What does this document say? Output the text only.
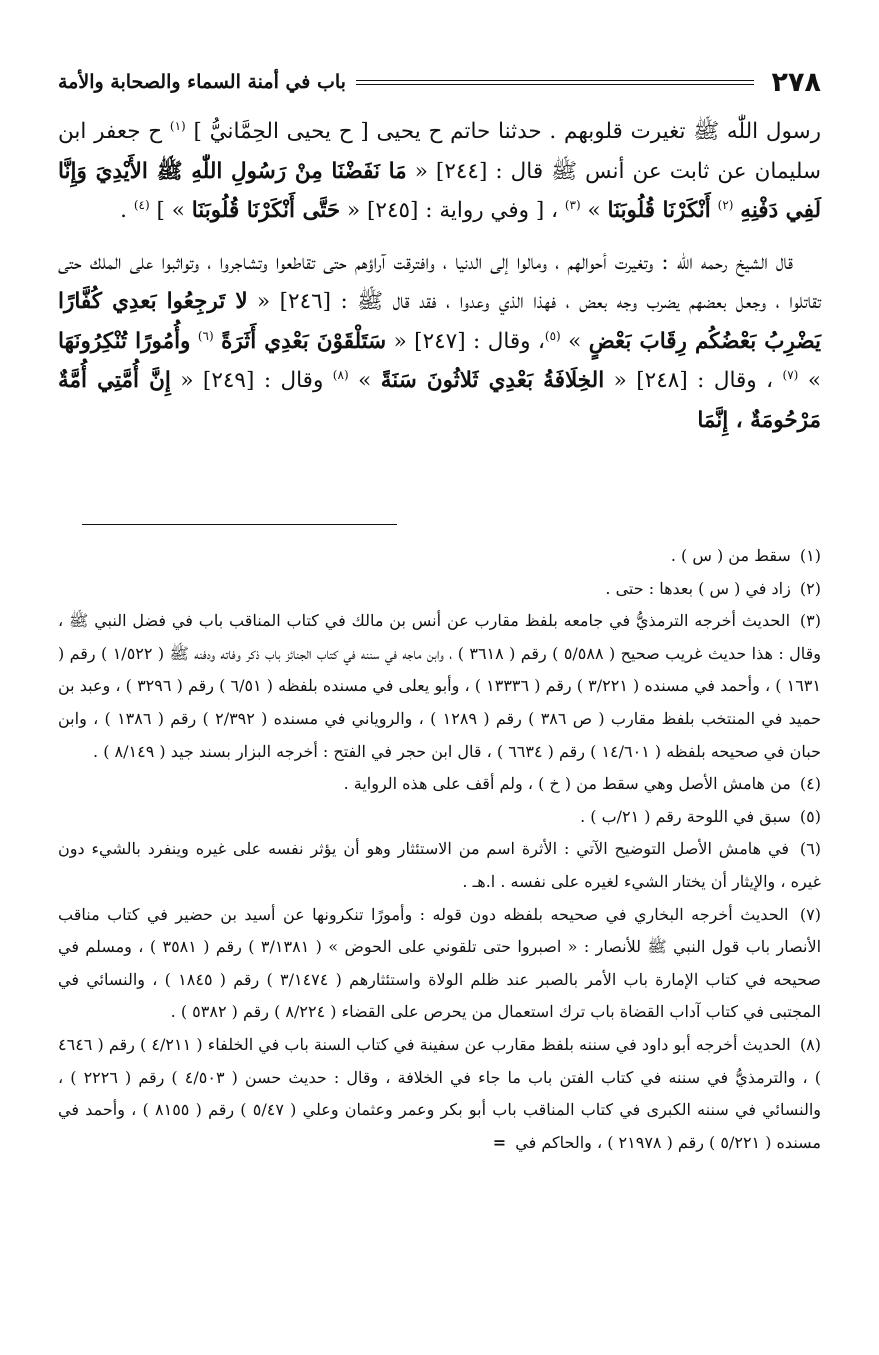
٢٧٨
باب في أمنة السماء والصحابة والأمة

رسول اللّٰه ﷺ تغيرت قلوبهم . حدثنا حاتم ح يحيى [ ح يحيى الحِمَّانيُّ ] $^{(١)}$ ح جعفر ابن سليمان عن ثابت عن أنس ﷺ قال : [٢٤٤] « مَا نَفَضْنَا مِنْ رَسُولِ اللّٰهِ ﷺ الأَيْدِيَ وَإِنَّا لَفِي دَفْنِهِ $^{(٢)}$ أَنْكَرْنَا قُلُوبَنَا » $^{(٣)}$ ، [ وفي رواية : [٢٤٥] « حَتَّى أَنْكَرْنَا قُلُوبَنَا » ] $^{(٤)}$ .

قال الشيخ رحمه الله : وتغيرت أحوالهم ، ومالوا إلى الدنيا ، وافترقت آراؤهم حتى تقاطعوا وتشاجروا ، وتواثبوا على الملك حتى تقاتلوا ، وجعل بعضهم يضرب وجه بعض ، فهذا الذي وعدوا ، فقد قال ﷺ : [٢٤٦] « لا تَرجِعُوا بَعدِي كُفَّارًا يَضْرِبُ بَعْضُكُم رِقَابَ بَعْضٍ » $^{(٥)}$، وقال : [٢٤٧] « سَتَلْقَوْنَ بَعْدِي أَثَرَةً $^{(٦)}$ وأُمُورًا تُنْكِرُونَهَا » $^{(٧)}$ ، وقال : [٢٤٨] « الخِلَافَةُ بَعْدِي ثَلاثُونَ سَنَةً » $^{(٨)}$ وقال : [٢٤٩] « إِنَّ أُمَّتِي أُمَّةٌ مَرْحُومَةٌ ، إِنَّمَا

(١) سقط من ( س ) .

(٢) زاد في ( س ) بعدها : حتى .

(٣) الحديث أخرجه الترمذيُّ في جامعه بلفظ مقارب عن أنس بن مالك في كتاب المناقب باب في فضل النبي ﷺ ، وقال : هذا حديث غريب صحيح ( ٥/٥٨٨ ) رقم ( ٣٦١٨ ) ، وابن ماجه في سننه في كتاب الجنائز باب ذكر وفاته ودفنه ﷺ ( ١/٥٢٢ ) رقم ( ١٦٣١ ) ، وأحمد في مسنده ( ٣/٢٢١ ) رقم ( ١٣٣٣٦ ) ، وأبو يعلى في مسنده بلفظه ( ٦/٥١ ) رقم ( ٣٢٩٦ ) ، وعبد بن حميد في المنتخب بلفظ مقارب ( ص ٣٨٦ ) رقم ( ١٢٨٩ ) ، والروياني في مسنده ( ٢/٣٩٢ ) رقم ( ١٣٨٦ ) ، وابن حبان في صحيحه بلفظه ( ١٤/٦٠١ ) رقم ( ٦٦٣٤ ) ، قال ابن حجر في الفتح : أخرجه البزار بسند جيد ( ٨/١٤٩ ) .

(٤) من هامش الأصل وهي سقط من ( خ ) ، ولم أقف على هذه الرواية .

(٥) سبق في اللوحة رقم ( ٢١/ب ) .

(٦) في هامش الأصل التوضيح الآتي : الأثرة اسم من الاستئثار وهو أن يؤثر نفسه على غيره وينفرد بالشيء دون غيره ، والإيثار أن يختار الشيء لغيره على نفسه . ا.هـ .

(٧) الحديث أخرجه البخاري في صحيحه بلفظه دون قوله : وأمورًا تنكرونها عن أسيد بن حضير في كتاب مناقب الأنصار باب قول النبي ﷺ للأنصار : « اصبروا حتى تلقوني على الحوض » ( ٣/١٣٨١ ) رقم ( ٣٥٨١ ) ، ومسلم في صحيحه في كتاب الإمارة باب الأمر بالصبر عند ظلم الولاة واستئثارهم ( ٣/١٤٧٤ ) رقم ( ١٨٤٥ ) ، والنسائي في المجتبى في كتاب آداب القضاة باب ترك استعمال من يحرص على القضاء ( ٨/٢٢٤ ) رقم ( ٥٣٨٢ ) .

(٨) الحديث أخرجه أبو داود في سننه بلفظ مقارب عن سفينة في كتاب السنة باب في الخلفاء ( ٤/٢١١ ) رقم ( ٤٦٤٦ ) ، والترمذيُّ في سننه في كتاب الفتن باب ما جاء في الخلافة ، وقال : حديث حسن ( ٤/٥٠٣ ) رقم ( ٢٢٢٦ ) ، والنسائي في سننه الكبرى في كتاب المناقب باب أبو بكر وعمر وعثمان وعلي ( ٥/٤٧ ) رقم ( ٨١٥٥ ) ، وأحمد في مسنده ( ٥/٢٢١ ) رقم ( ٢١٩٧٨ ) ، والحاكم في =
